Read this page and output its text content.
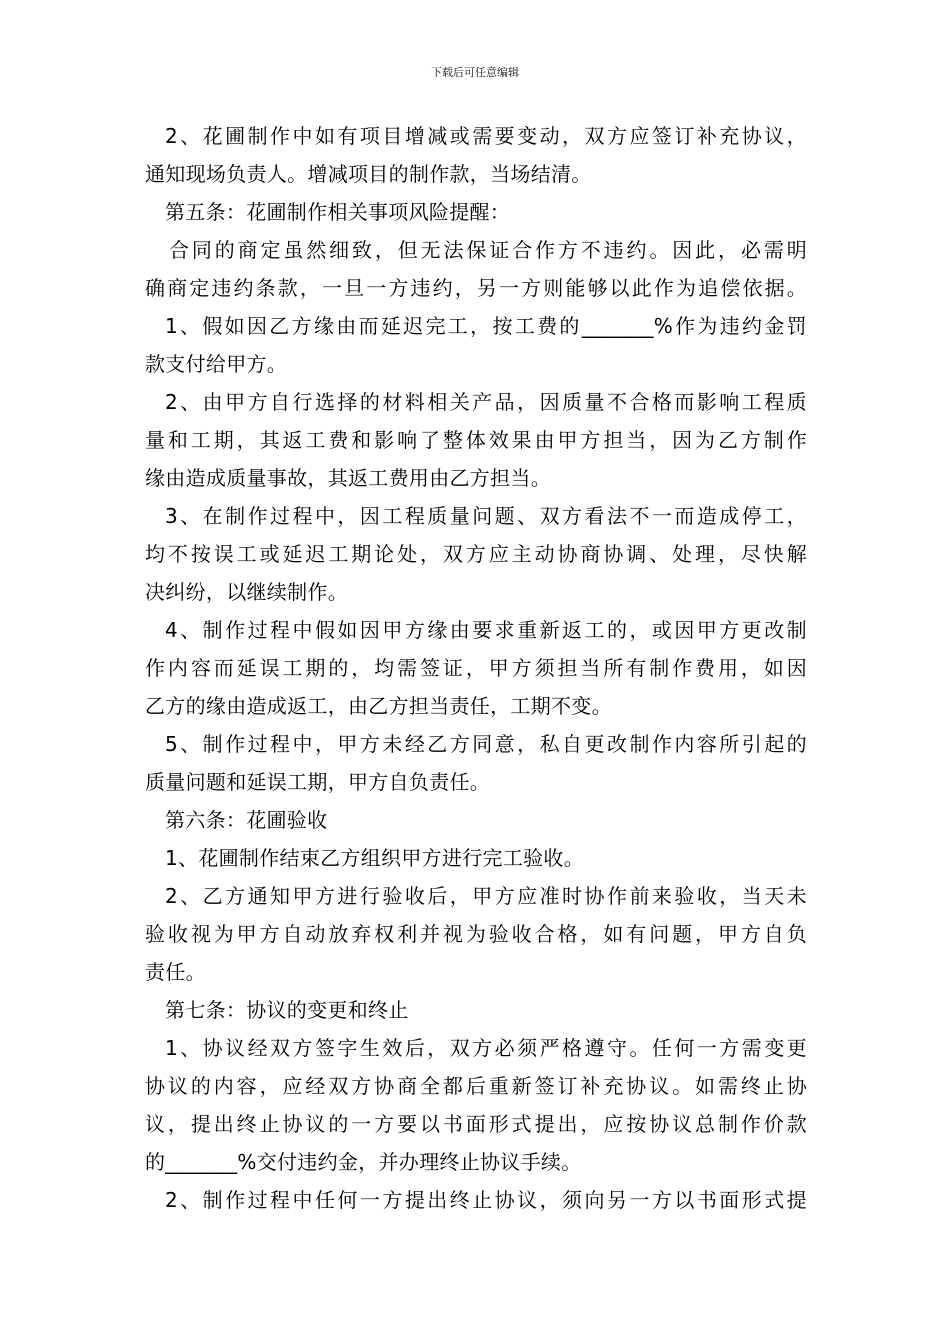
下载后可任意编辑
2、花圃制作中如有项目增减或需要变动，双方应签订补充协议，
通知现场负责人。增减项目的制作款，当场结清。
第五条：花圃制作相关事项风险提醒：
合同的商定虽然细致，但无法保证合作方不违约。因此，必需明
确商定违约条款，一旦一方违约，另一方则能够以此作为追偿依据。
1、假如因乙方缘由而延迟完工，按工费的_______%作为违约金罚
款支付给甲方。
2、由甲方自行选择的材料相关产品，因质量不合格而影响工程质
量和工期，其返工费和影响了整体效果由甲方担当，因为乙方制作
缘由造成质量事故，其返工费用由乙方担当。
3、在制作过程中，因工程质量问题、双方看法不一而造成停工，
均不按误工或延迟工期论处，双方应主动协商协调、处理，尽快解
决纠纷，以继续制作。
4、制作过程中假如因甲方缘由要求重新返工的，或因甲方更改制
作内容而延误工期的，均需签证，甲方须担当所有制作费用，如因
乙方的缘由造成返工，由乙方担当责任，工期不变。
5、制作过程中，甲方未经乙方同意，私自更改制作内容所引起的
质量问题和延误工期，甲方自负责任。
第六条：花圃验收
1、花圃制作结束乙方组织甲方进行完工验收。
2、乙方通知甲方进行验收后，甲方应准时协作前来验收，当天未
验收视为甲方自动放弃权利并视为验收合格，如有问题，甲方自负
责任。
第七条：协议的变更和终止
1、协议经双方签字生效后，双方必须严格遵守。任何一方需变更
协议的内容，应经双方协商全都后重新签订补充协议。如需终止协
议，提出终止协议的一方要以书面形式提出，应按协议总制作价款
的_______%交付违约金，并办理终止协议手续。
2、制作过程中任何一方提出终止协议，须向另一方以书面形式提
